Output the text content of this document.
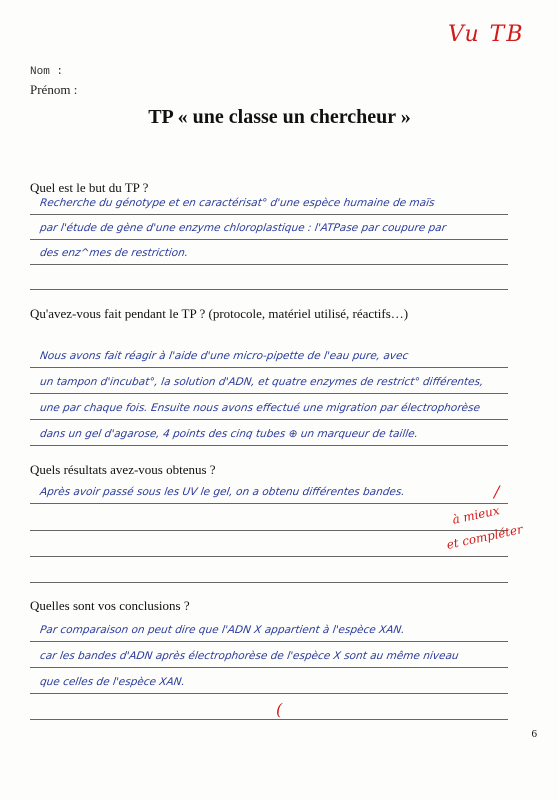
Vu TB
Nom :
Prénom :
TP « une classe un chercheur »
Quel est le but du TP ?
Recherche du génotype et en caractérisat° d'une espèce humaine de maïs
par l'étude de gène d'une enzyme chloroplastique : l'ATPase par coupure par
des enz^mes de restriction.
Qu'avez-vous fait pendant le TP ? (protocole, matériel utilisé, réactifs…)
Nous avons fait réagir à l'aide d'une micro-pipette de l'eau pure, avec
un tampon d'incubat°, la solution d'ADN, et quatre enzymes de restrict° différentes,
une par chaque fois. Ensuite nous avons effectué une migration par électrophorèse
dans un gel d'agarose, 4 points des cinq tubes ⊕ un marqueur de taille.
Quels résultats avez-vous obtenus ?
Après avoir passé sous les UV le gel, on a obtenu différentes bandes.
à mieux
et compléter
/
Quelles sont vos conclusions ?
Par comparaison on peut dire que l'ADN X appartient à l'espèce XAN.
car les bandes d'ADN après électrophorèse de l'espèce X sont au même niveau
que celles de l'espèce XAN.
(
6
